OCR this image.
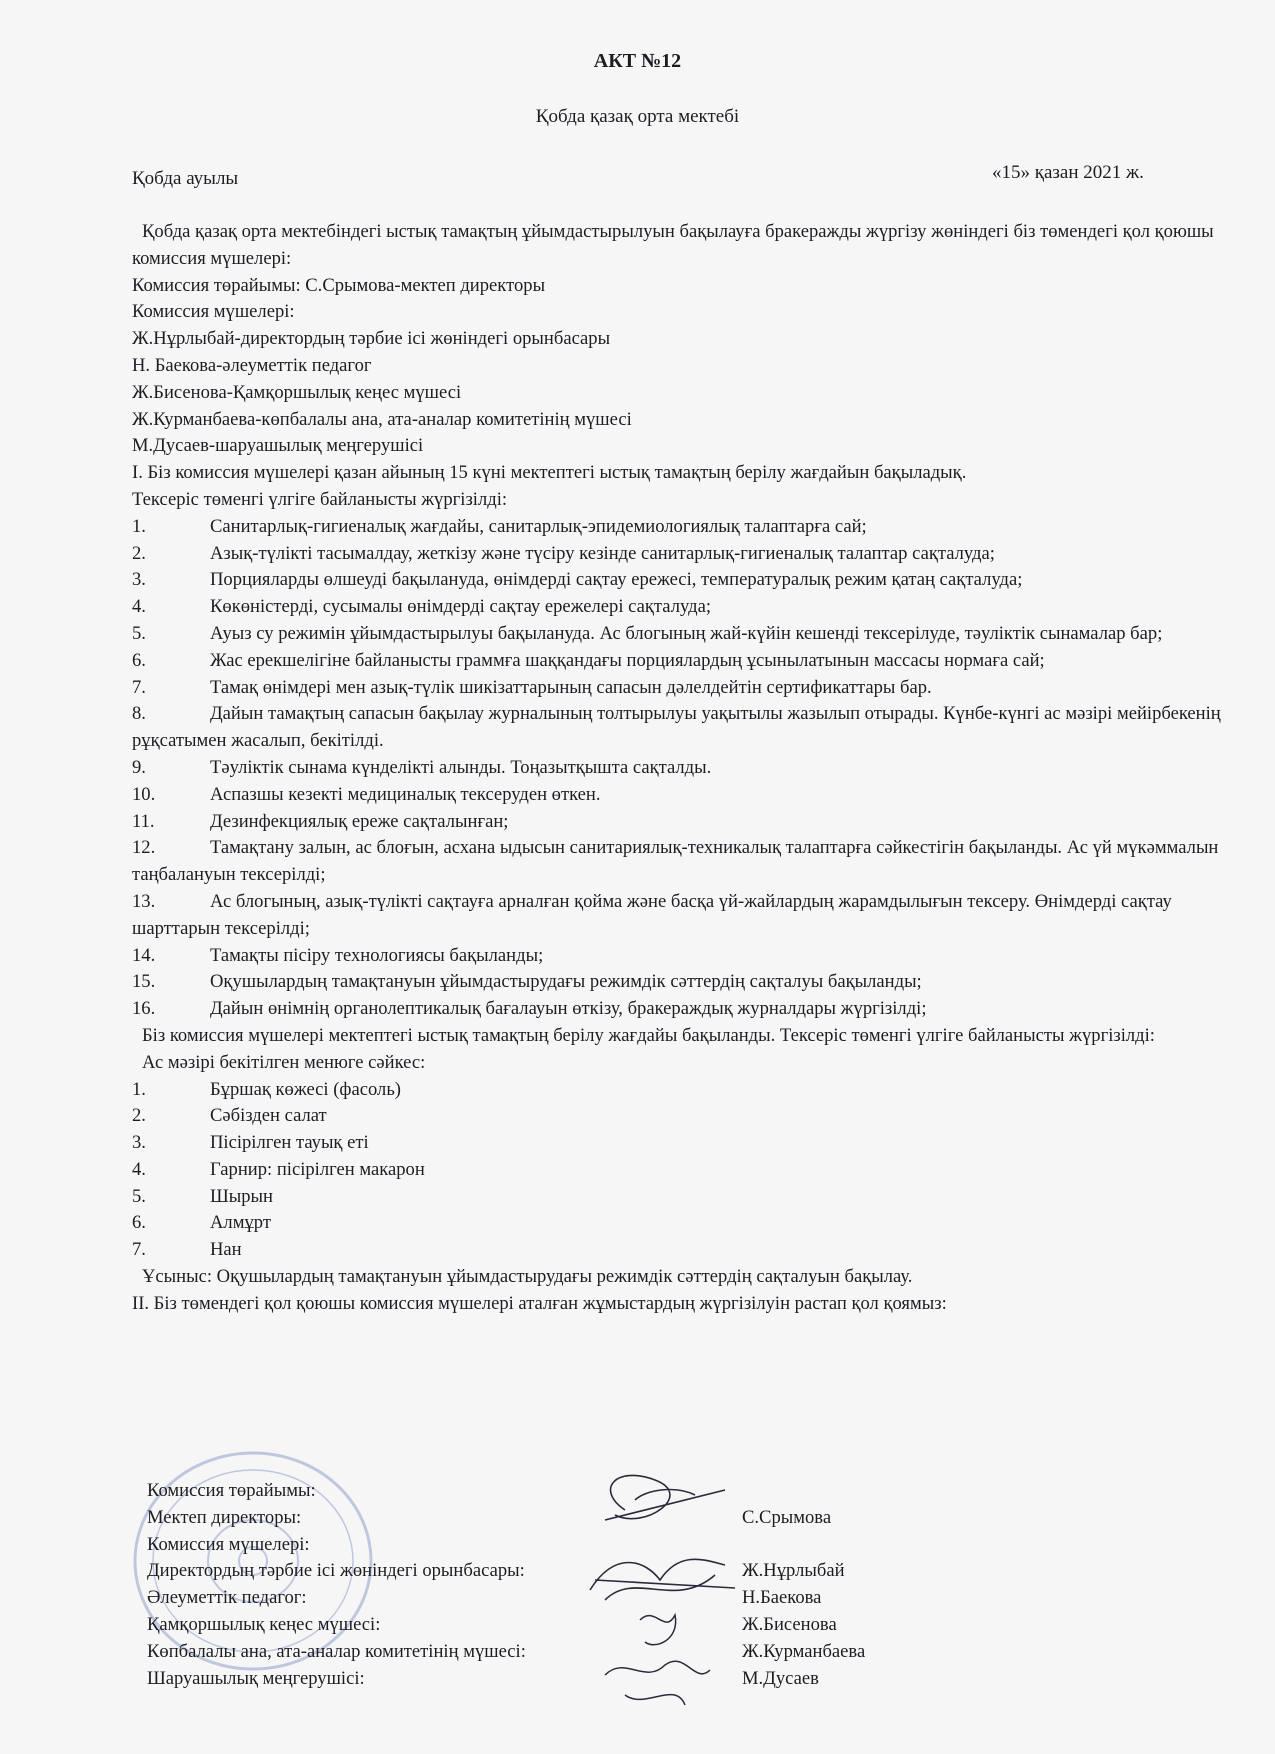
АКТ №12
Қобда қазақ орта мектебі
Қобда ауылы	«15» қазан 2021 ж.

Қобда қазақ орта мектебіндегі ыстық тамақтың ұйымдастырылуын бақылауға бракеражды жүргізу жөніндегі біз төмендегі қол қоюшы комиссия мүшелері:

Комиссия төрайымы: С.Срымова-мектеп директоры

Комиссия мүшелері:

Ж.Нұрлыбай-директордың тәрбие ісі жөніндегі орынбасары

Н. Баекова-әлеуметтік педагог

Ж.Бисенова-Қамқоршылық кеңес мүшесі

Ж.Курманбаева-көпбалалы ана, ата-аналар комитетінің мүшесі

М.Дусаев-шаруашылық меңгерушісі

І. Біз комиссия мүшелері қазан айының 15 күні мектептегі ыстық тамақтың берілу жағдайын бақыладық.

Тексеріс төменгі үлгіге байланысты жүргізілді:

1.	Санитарлық-гигиеналық жағдайы, санитарлық-эпидемиологиялық талаптарға сай;

2.	Азық-түлікті тасымалдау, жеткізу және түсіру кезінде санитарлық-гигиеналық талаптар сақталуда;

3.	Порцияларды өлшеуді бақылануда, өнімдерді сақтау ережесі, температуралық режим қатаң сақталуда;

4.	Көкөністерді, сусымалы өнімдерді сақтау ережелері сақталуда;

5.	Ауыз су режимін ұйымдастырылуы бақылануда. Ас блогының жай-күйін кешенді тексерілуде, тәуліктік сынамалар бар;

6.	Жас ерекшелігіне байланысты граммға шаққандағы порциялардың ұсынылатынын массасы нормаға сай;

7.	Тамақ өнімдері мен азық-түлік шикізаттарының сапасын дәлелдейтін сертификаттары бар.

8.	Дайын тамақтың сапасын бақылау журналының толтырылуы уақытылы жазылып отырады. Күнбе-күнгі ас мәзірі мейірбекенің рұқсатымен жасалып, бекітілді.

9.	Тәуліктік сынама күнделікті алынды. Тоңазытқышта сақталды.

10.	Аспазшы кезекті медициналық тексеруден өткен.

11.	Дезинфекциялық ереже сақталынған;

12.	Тамақтану залын, ас блоғын, асхана ыдысын санитариялық-техникалық талаптарға сәйкестігін бақыланды. Ас үй мүкәммалын таңбалануын тексерілді;

13.	Ас блогының, азық-түлікті сақтауға арналған қойма және басқа үй-жайлардың жарамдылығын тексеру. Өнімдерді сақтау шарттарын тексерілді;

14.	Тамақты пісіру технологиясы бақыланды;

15.	Оқушылардың тамақтануын ұйымдастырудағы режимдік сәттердің сақталуы бақыланды;

16.	Дайын өнімнің органолептикалық бағалауын өткізу, бракераждық журналдары жүргізілді;

Біз комиссия мүшелері мектептегі ыстық тамақтың берілу жағдайы бақыланды. Тексеріс төменгі үлгіге байланысты жүргізілді:

Ас мәзірі бекітілген менюге сәйкес:

1.	Бұршақ көжесі (фасоль)

2.	Сәбізден салат

3.	Пісірілген тауық еті

4.	Гарнир: пісірілген макарон

5.	Шырын

6.	Алмұрт

7.	Нан

Ұсыныс: Оқушылардың тамақтануын ұйымдастырудағы режимдік сәттердің сақталуын бақылау.

ІІ. Біз төмендегі қол қоюшы комиссия мүшелері аталған жұмыстардың жүргізілуін растап қол қоямыз:

Комиссия төрайымы:
Мектеп директоры:	С.Срымова
Комиссия мүшелері:
Директордың тәрбие ісі жөніндегі орынбасары:	Ж.Нұрлыбай
Әлеуметтік педагог:	Н.Баекова
Қамқоршылық кеңес мүшесі:	Ж.Бисенова
Көпбалалы ана, ата-аналар комитетінің мүшесі:	Ж.Курманбаева
Шаруашылық меңгерушісі:	М.Дусаев
